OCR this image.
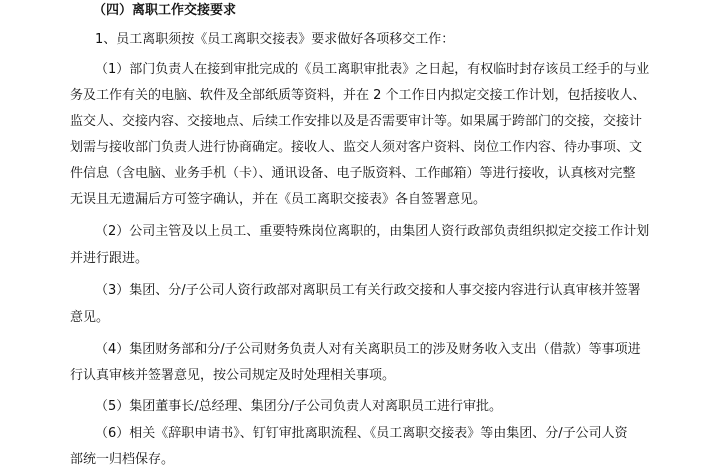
（四）离职工作交接要求
1、员工离职须按《员工离职交接表》要求做好各项移交工作：
（1）部门负责人在接到审批完成的《员工离职审批表》之日起，有权临时封存该员工经手的与业
务及工作有关的电脑、软件及全部纸质等资料，并在 2 个工作日内拟定交接工作计划，包括接收人、
监交人、交接内容、交接地点、后续工作安排以及是否需要审计等。如果属于跨部门的交接，交接计
划需与接收部门负责人进行协商确定。接收人、监交人须对客户资料、岗位工作内容、待办事项、文
件信息（含电脑、业务手机（卡）、通讯设备、电子版资料、工作邮箱）等进行接收，认真核对完整
无误且无遗漏后方可签字确认，并在《员工离职交接表》各自签署意见。
（2）公司主管及以上员工、重要特殊岗位离职的，由集团人资行政部负责组织拟定交接工作计划
并进行跟进。
（3）集团、分/子公司人资行政部对离职员工有关行政交接和人事交接内容进行认真审核并签署
意见。
（4）集团财务部和分/子公司财务负责人对有关离职员工的涉及财务收入支出（借款）等事项进
行认真审核并签署意见，按公司规定及时处理相关事项。
（5）集团董事长/总经理、集团分/子公司负责人对离职员工进行审批。
（6）相关《辞职申请书》、钉钉审批离职流程、《员工离职交接表》等由集团、分/子公司人资
部统一归档保存。
